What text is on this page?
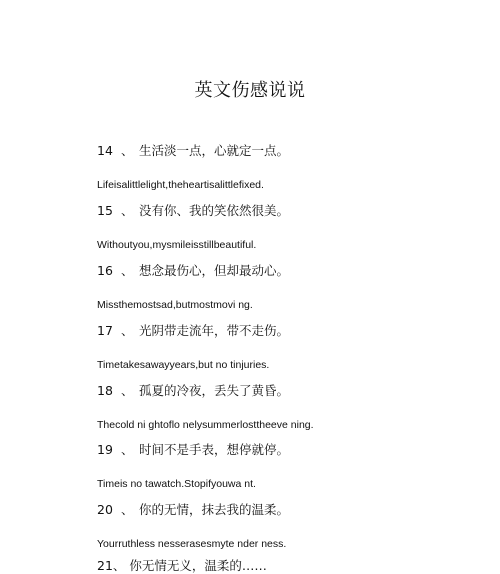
英文伤感说说
14 、 生活淡一点，心就定一点。
Lifeisalittlelight,theheartisalittlefixed.
15 、 没有你、我的笑依然很美。
Withoutyou,mysmileisstillbeautiful.
16 、 想念最伤心，但却最动心。
Missthemostsad,butmostmovi ng.
17 、 光阴带走流年，带不走伤。
Timetakesawayyears,but no tinjuries.
18 、 孤夏的冷夜，丢失了黄昏。
Thecold ni ghtoflo nelysummerlosttheeve ning.
19 、 时间不是手表，想停就停。
Timeis no tawatch.Stopifyouwa nt.
20 、 你的无情，抹去我的温柔。
Yourruthless nesserasesmyte nder ness.
21、 你无情无义，温柔的……
